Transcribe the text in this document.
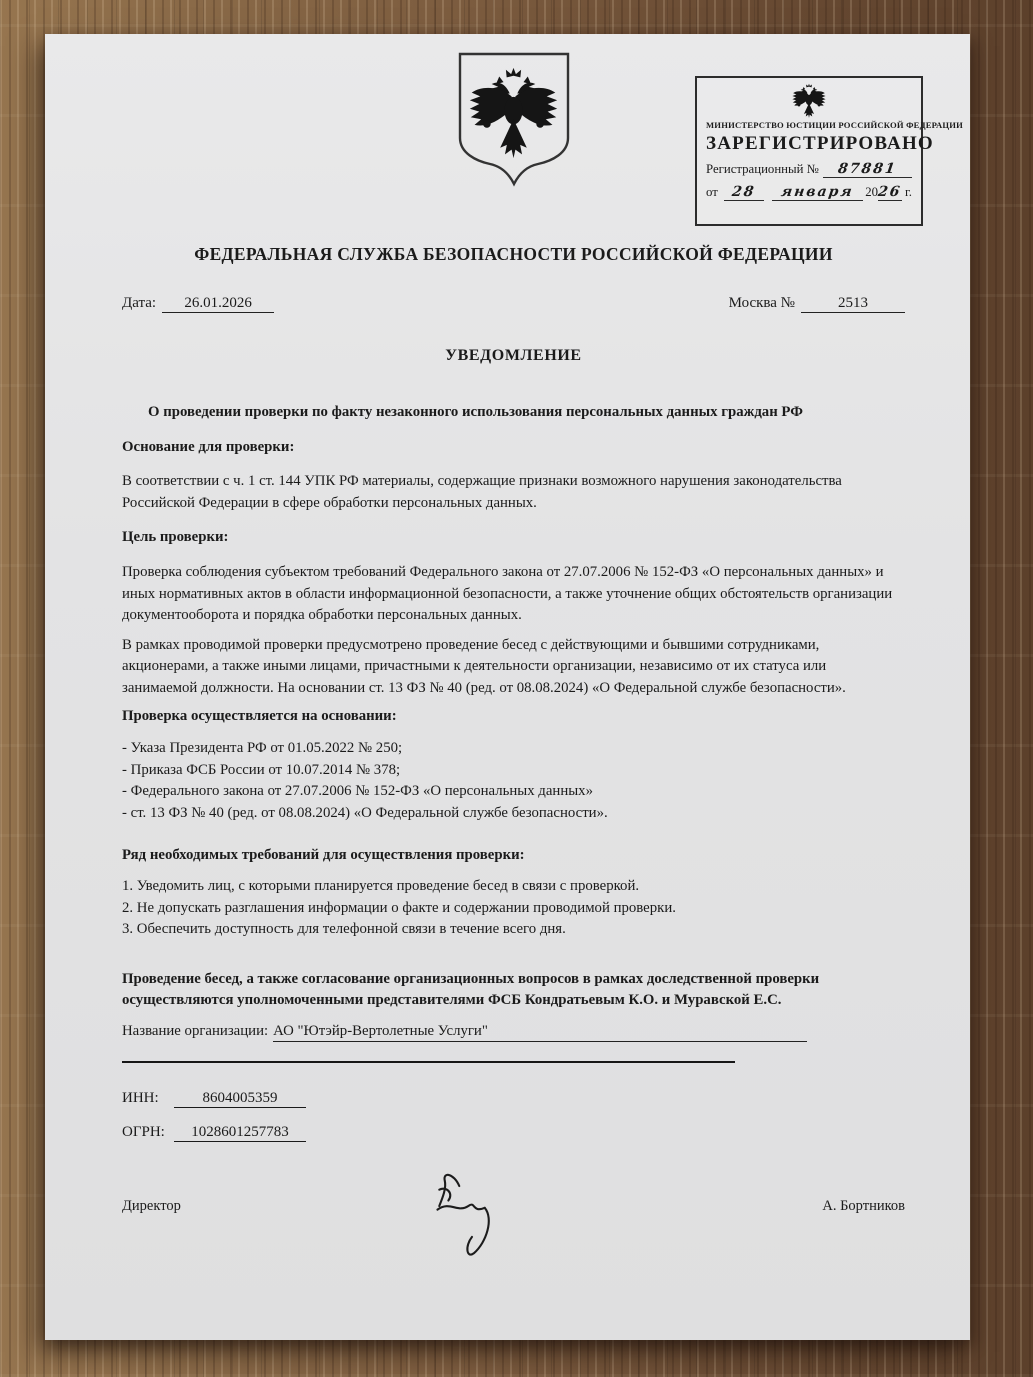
МИНИСТЕРСТВО ЮСТИЦИИ РОССИЙСКОЙ ФЕДЕРАЦИИ
ЗАРЕГИСТРИРОВАНО
Регистрационный №	87881
от 28	января 20 26 г.
ФЕДЕРАЛЬНАЯ СЛУЖБА БЕЗОПАСНОСТИ РОССИЙСКОЙ ФЕДЕРАЦИИ
Дата: 26.01.2026	Москва №	2513
УВЕДОМЛЕНИЕ

О проведении проверки по факту незаконного использования персональных данных граждан РФ

Основание для проверки:

В соответствии с ч. 1 ст. 144 УПК РФ материалы, содержащие признаки возможного нарушения законодательства Российской Федерации в сфере обработки персональных данных.

Цель проверки:

Проверка соблюдения субъектом требований Федерального закона от 27.07.2006 № 152-ФЗ «О персональных данных» и иных нормативных актов в области информационной безопасности, а также уточнение общих обстоятельств организации документооборота и порядка обработки персональных данных.

В рамках проводимой проверки предусмотрено проведение бесед с действующими и бывшими сотрудниками, акционерами, а также иными лицами, причастными к деятельности организации, независимо от их статуса или занимаемой должности. На основании ст. 13 ФЗ № 40 (ред. от 08.08.2024) «О Федеральной службе безопасности».

Проверка осуществляется на основании:

- Указа Президента РФ от 01.05.2022 № 250;

- Приказа ФСБ России от 10.07.2014 № 378;

- Федерального закона от 27.07.2006 № 152-ФЗ «О персональных данных»

- ст. 13 ФЗ № 40 (ред. от 08.08.2024) «О Федеральной службе безопасности».

Ряд необходимых требований для осуществления проверки:

1. Уведомить лиц, с которыми планируется проведение бесед в связи с проверкой.

2. Не допускать разглашения информации о факте и содержании проводимой проверки.

3. Обеспечить доступность для телефонной связи в течение всего дня.

Проведение бесед, а также согласование организационных вопросов в рамках доследственной проверки осуществляются уполномоченными представителями ФСБ Кондратьевым К.О. и Муравской Е.С.

Название организации: АО "Ютэйр-Вертолетные Услуги"
ИНН:	8604005359
ОГРН:	1028601257783
Директор	А. Бортников
